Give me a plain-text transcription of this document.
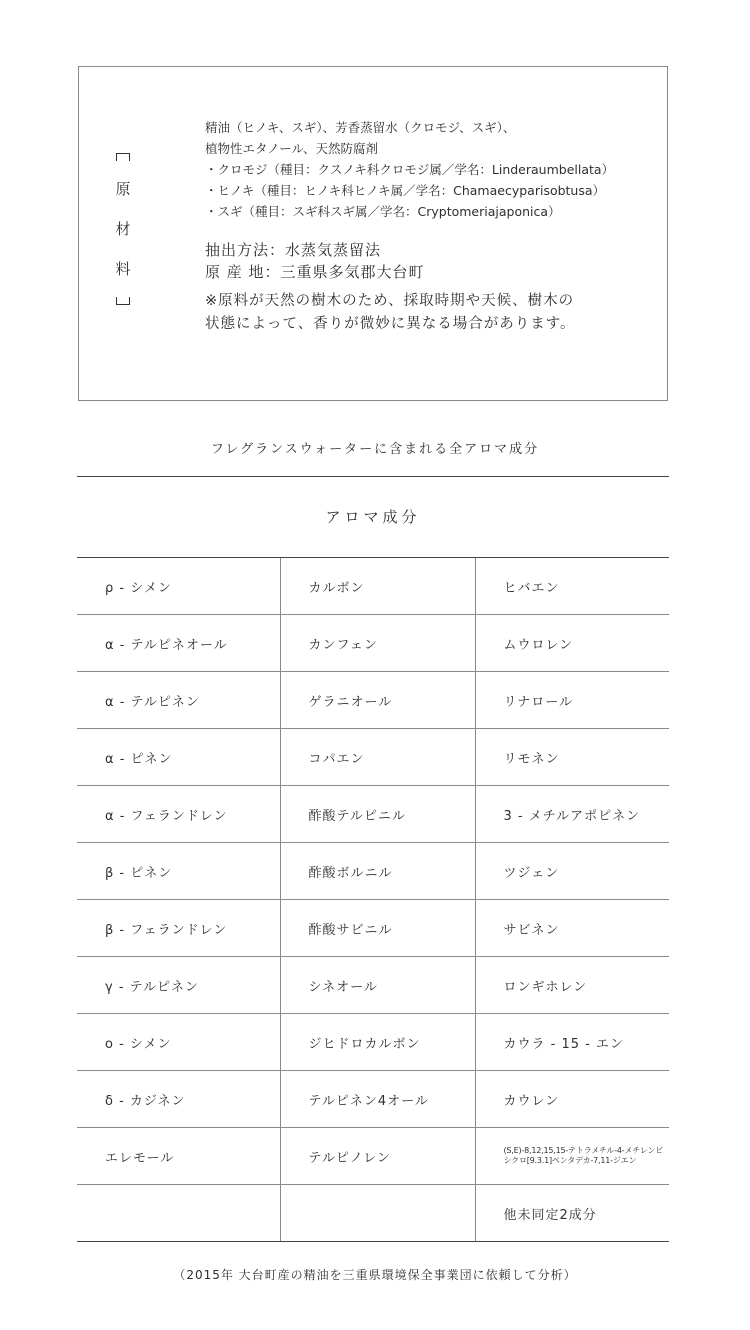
原
材
料
精油（ヒノキ、スギ）、芳香蒸留水（クロモジ、スギ）、
植物性エタノール、天然防腐剤
・クロモジ（種目：クスノキ科クロモジ属／学名：Linderaumbellata）
・ヒノキ（種目：ヒノキ科ヒノキ属／学名：Chamaecyparisobtusa）
・スギ（種目：スギ科スギ属／学名：Cryptomeriajaponica）
抽出方法：水蒸気蒸留法
原 産 地：三重県多気郡大台町
※原料が天然の樹木のため、採取時期や天候、樹木の
状態によって、香りが微妙に異なる場合があります。
フレグランスウォーターに含まれる全アロマ成分
アロマ成分
ρ - シメン	カルボン	ヒバエン
α - テルピネオール	カンフェン	ムウロレン
α - テルピネン	ゲラニオール	リナロール
α - ピネン	コパエン	リモネン
α - フェランドレン	酢酸テルピニル	3 - メチルアポピネン
β - ピネン	酢酸ボルニル	ツジェン
β - フェランドレン	酢酸サビニル	サビネン
γ - テルピネン	シネオール	ロンギホレン
ο - シメン	ジヒドロカルボン	カウラ - 15 - エン
δ - カジネン	テルピネン4オール	カウレン
エレモール	テルピノレン	(S,E)-8,12,15,15-テトラメチル-4-メチレンビシクロ[9.3.1]ペンタデカ-7,11-ジエン
		他未同定2成分
（2015年 大台町産の精油を三重県環境保全事業団に依頼して分析）
